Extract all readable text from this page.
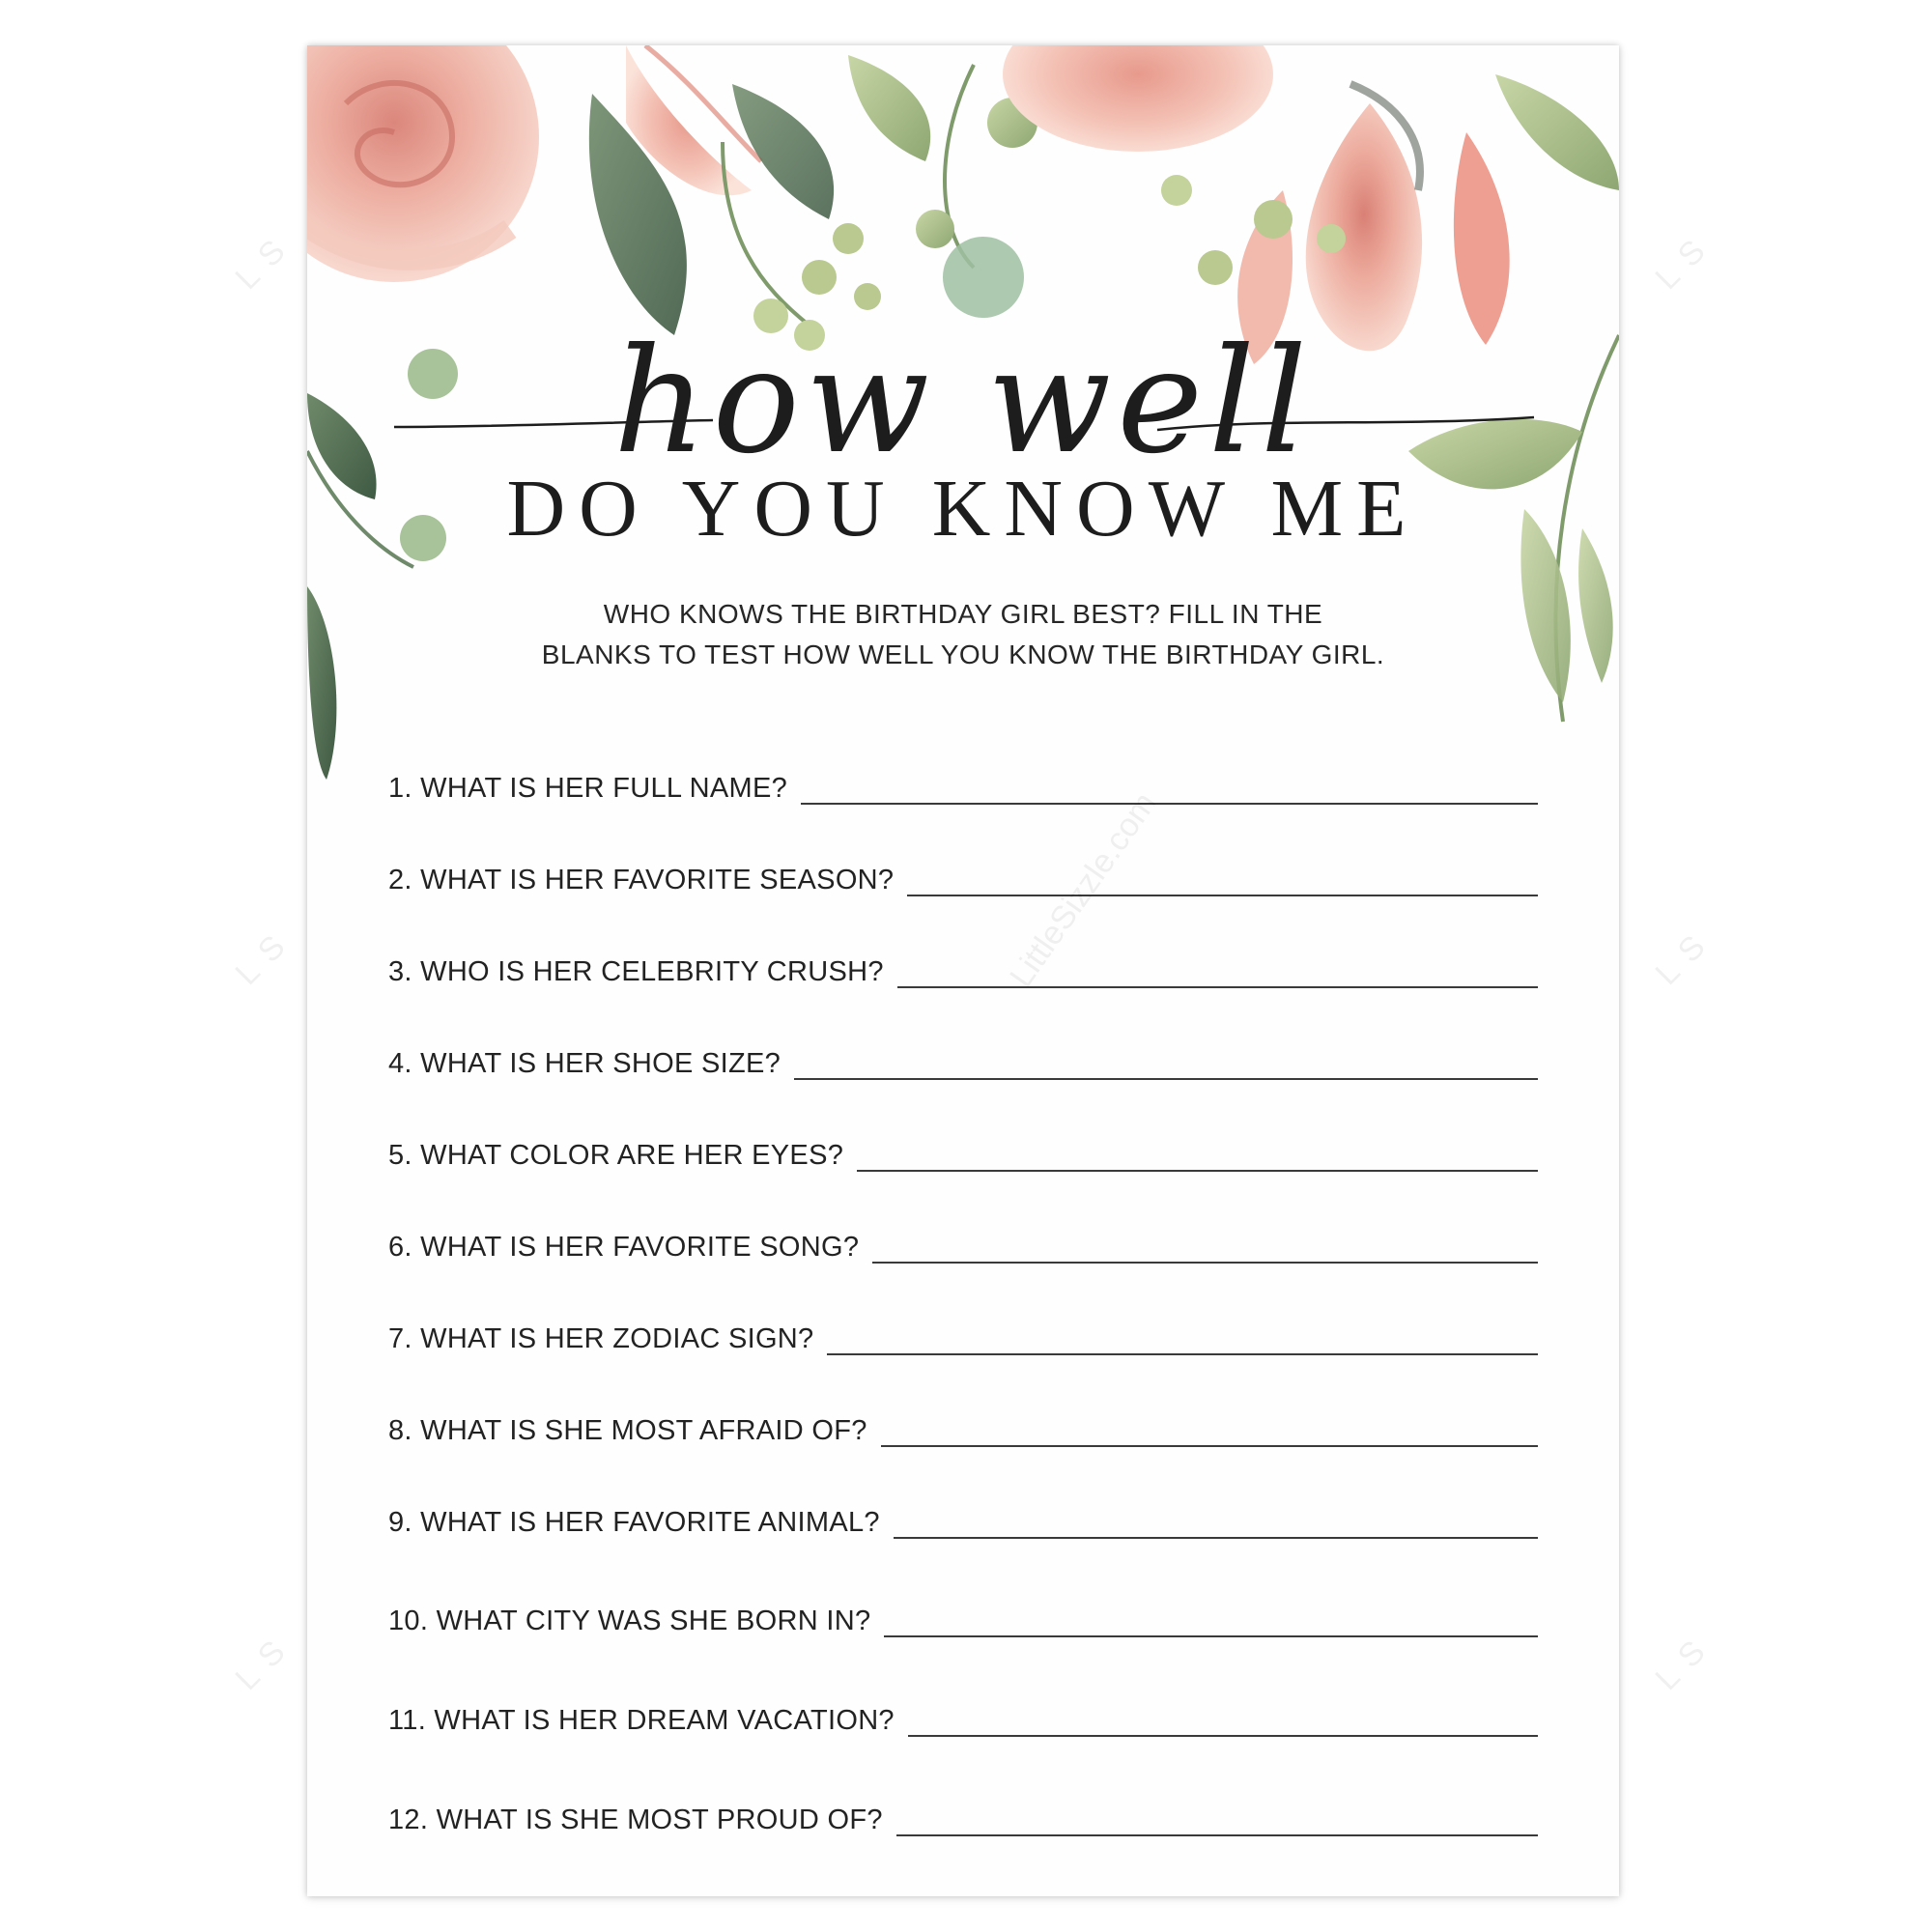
LS	LS
LS	LS
LS	LS
how well
DO YOU KNOW ME
WHO KNOWS THE BIRTHDAY GIRL BEST? FILL IN THE
BLANKS TO TEST HOW WELL YOU KNOW THE BIRTHDAY GIRL.
1. WHAT IS HER FULL NAME?
2. WHAT IS HER FAVORITE SEASON?
3. WHO IS HER CELEBRITY CRUSH?
4. WHAT IS HER SHOE SIZE?
5. WHAT COLOR ARE HER EYES?
6. WHAT IS HER FAVORITE SONG?
7. WHAT IS HER ZODIAC SIGN?
8. WHAT IS SHE MOST AFRAID OF?
9. WHAT IS HER FAVORITE ANIMAL?
10. WHAT CITY WAS SHE BORN IN?
11. WHAT IS HER DREAM VACATION?
12. WHAT IS SHE MOST PROUD OF?
LittleSizzle.com
